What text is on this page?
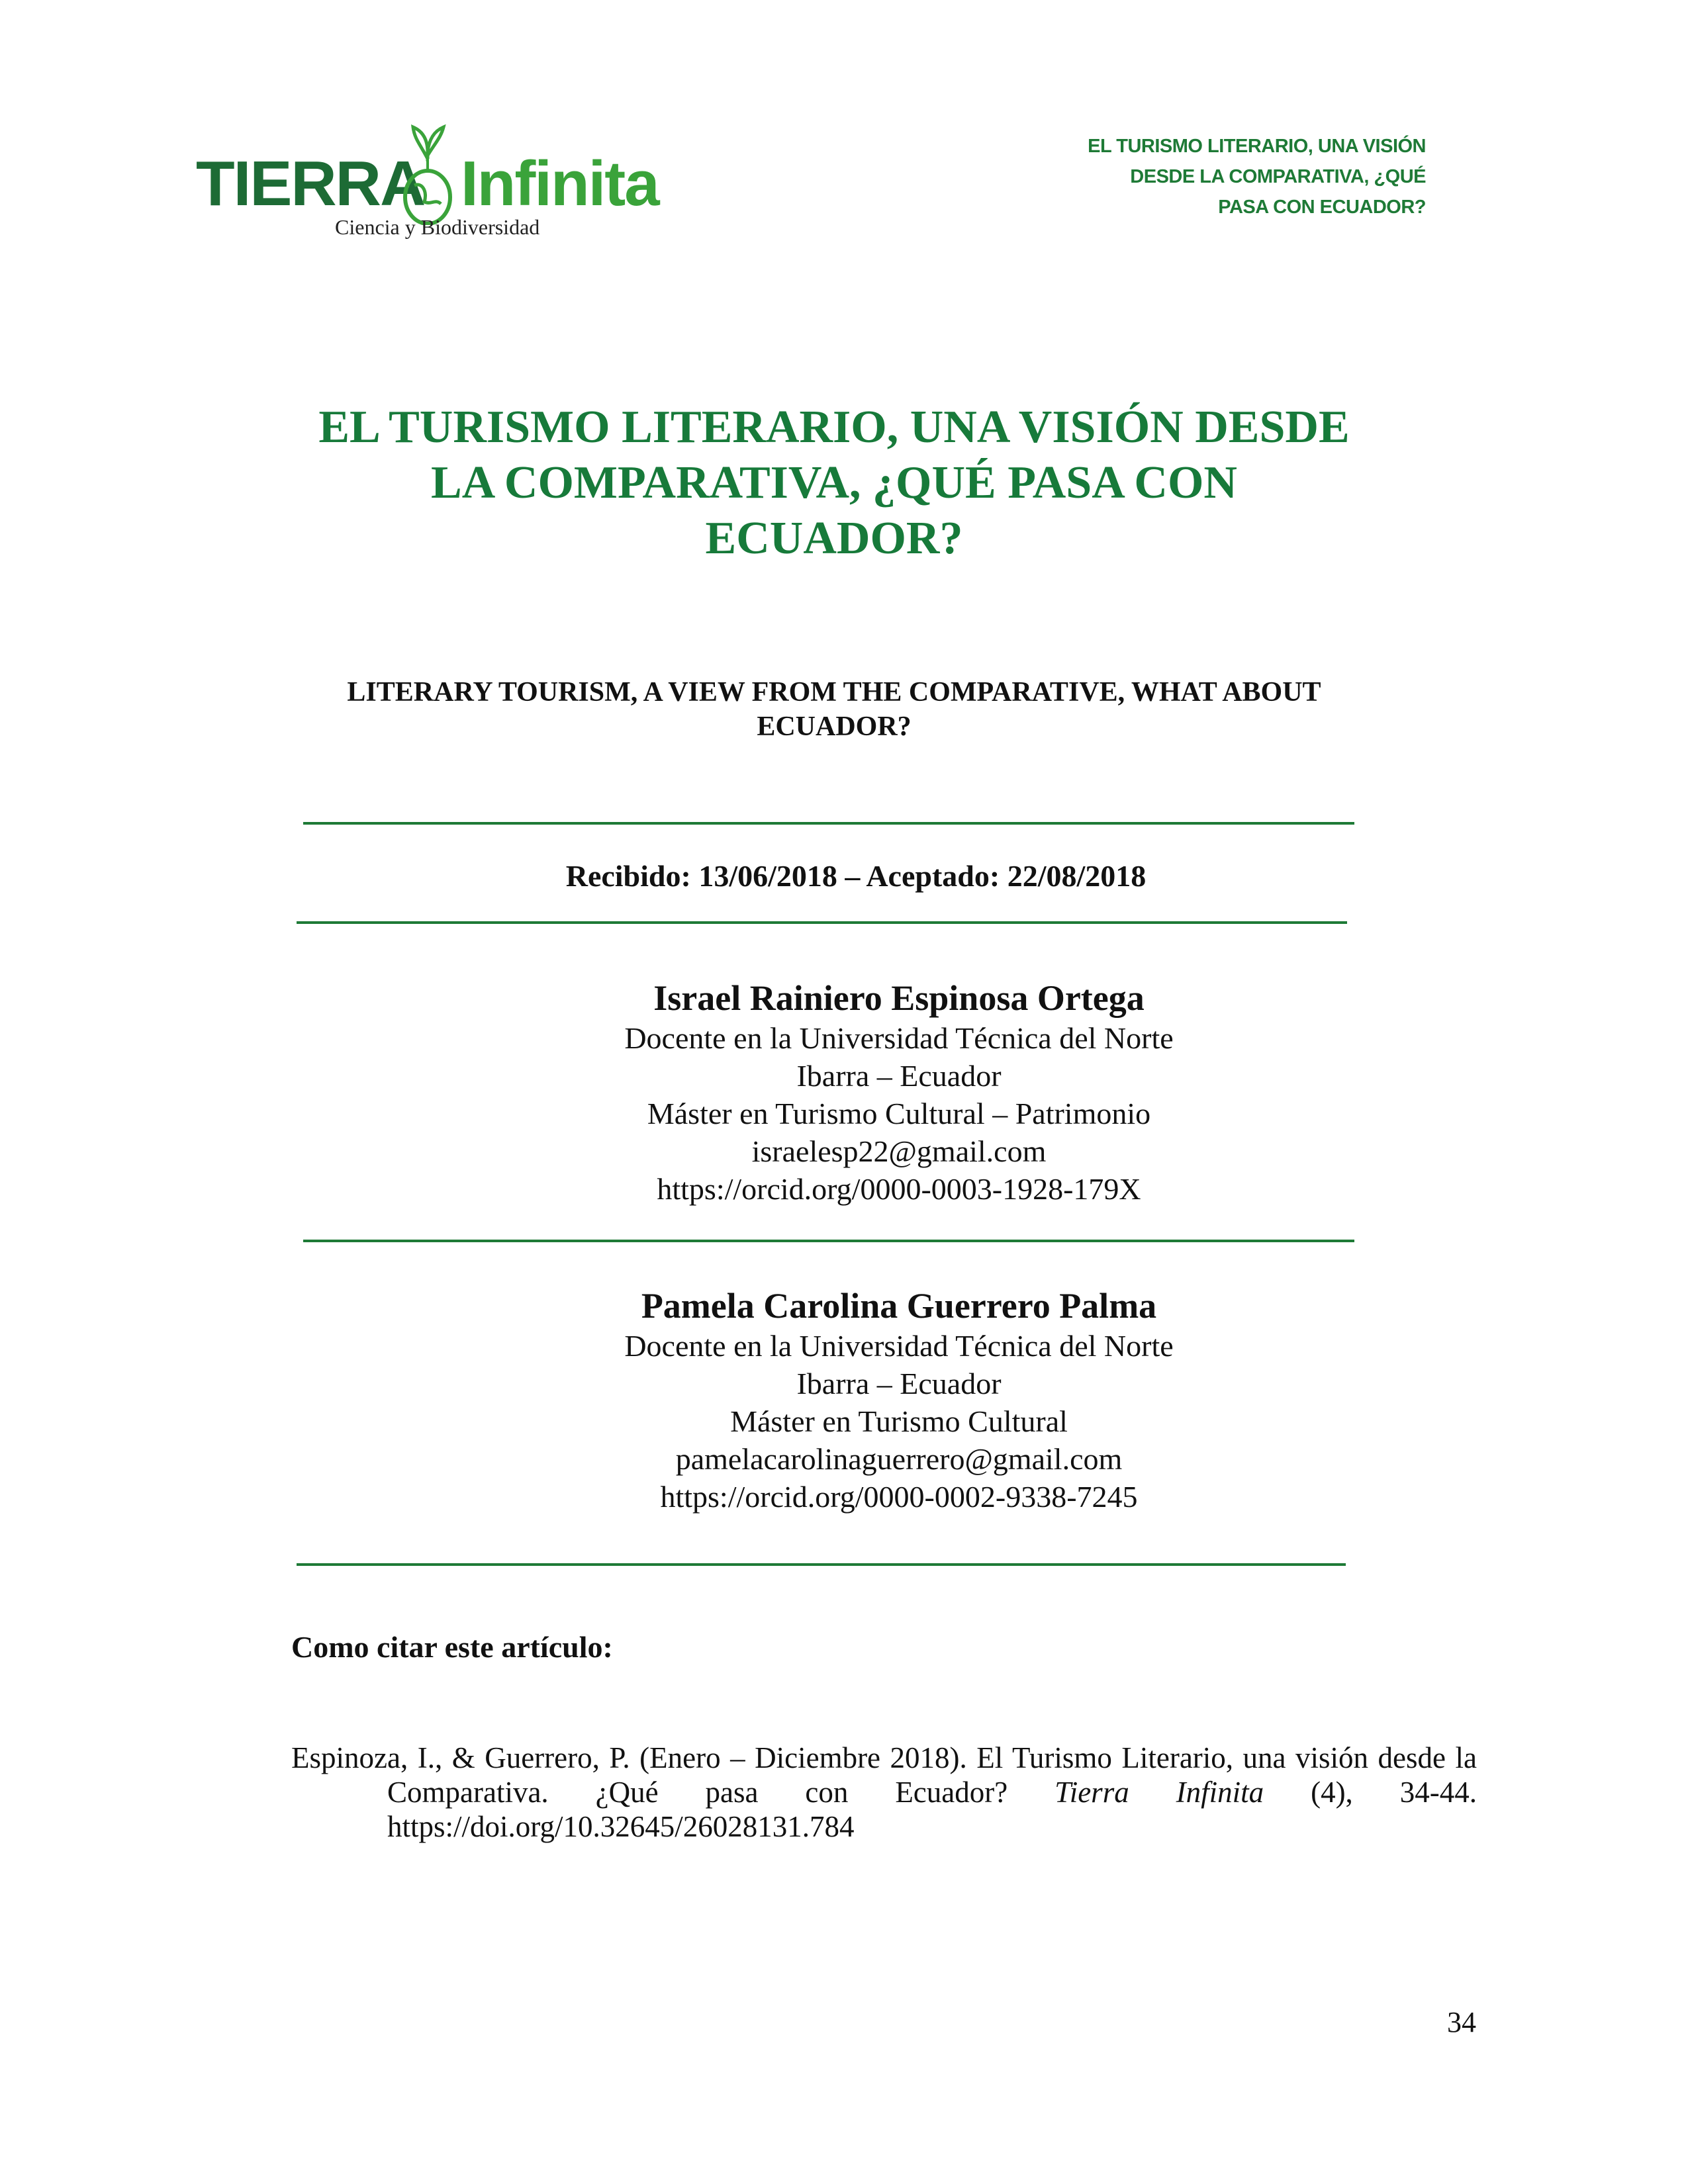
TIERRA Infinita
Ciencia y Biodiversidad
EL TURISMO LITERARIO, UNA VISIÓN
DESDE LA COMPARATIVA, ¿QUÉ
PASA CON ECUADOR?
EL TURISMO LITERARIO, UNA VISIÓN DESDE
LA COMPARATIVA, ¿QUÉ PASA CON
ECUADOR?
LITERARY TOURISM, A VIEW FROM THE COMPARATIVE, WHAT ABOUT
ECUADOR?
Recibido: 13/06/2018 – Aceptado: 22/08/2018
Israel Rainiero Espinosa Ortega
Docente en la Universidad Técnica del Norte
Ibarra – Ecuador
Máster en Turismo Cultural – Patrimonio
israelesp22@gmail.com
https://orcid.org/0000-0003-1928-179X
Pamela Carolina Guerrero Palma
Docente en la Universidad Técnica del Norte
Ibarra – Ecuador
Máster en Turismo Cultural
pamelacarolinaguerrero@gmail.com
https://orcid.org/0000-0002-9338-7245
Como citar este artículo:
Espinoza, I., & Guerrero, P. (Enero – Diciembre 2018). El Turismo Literario, una visión desde la Comparativa. ¿Qué pasa con Ecuador? Tierra Infinita (4), 34-44. https://doi.org/10.32645/26028131.784
34
